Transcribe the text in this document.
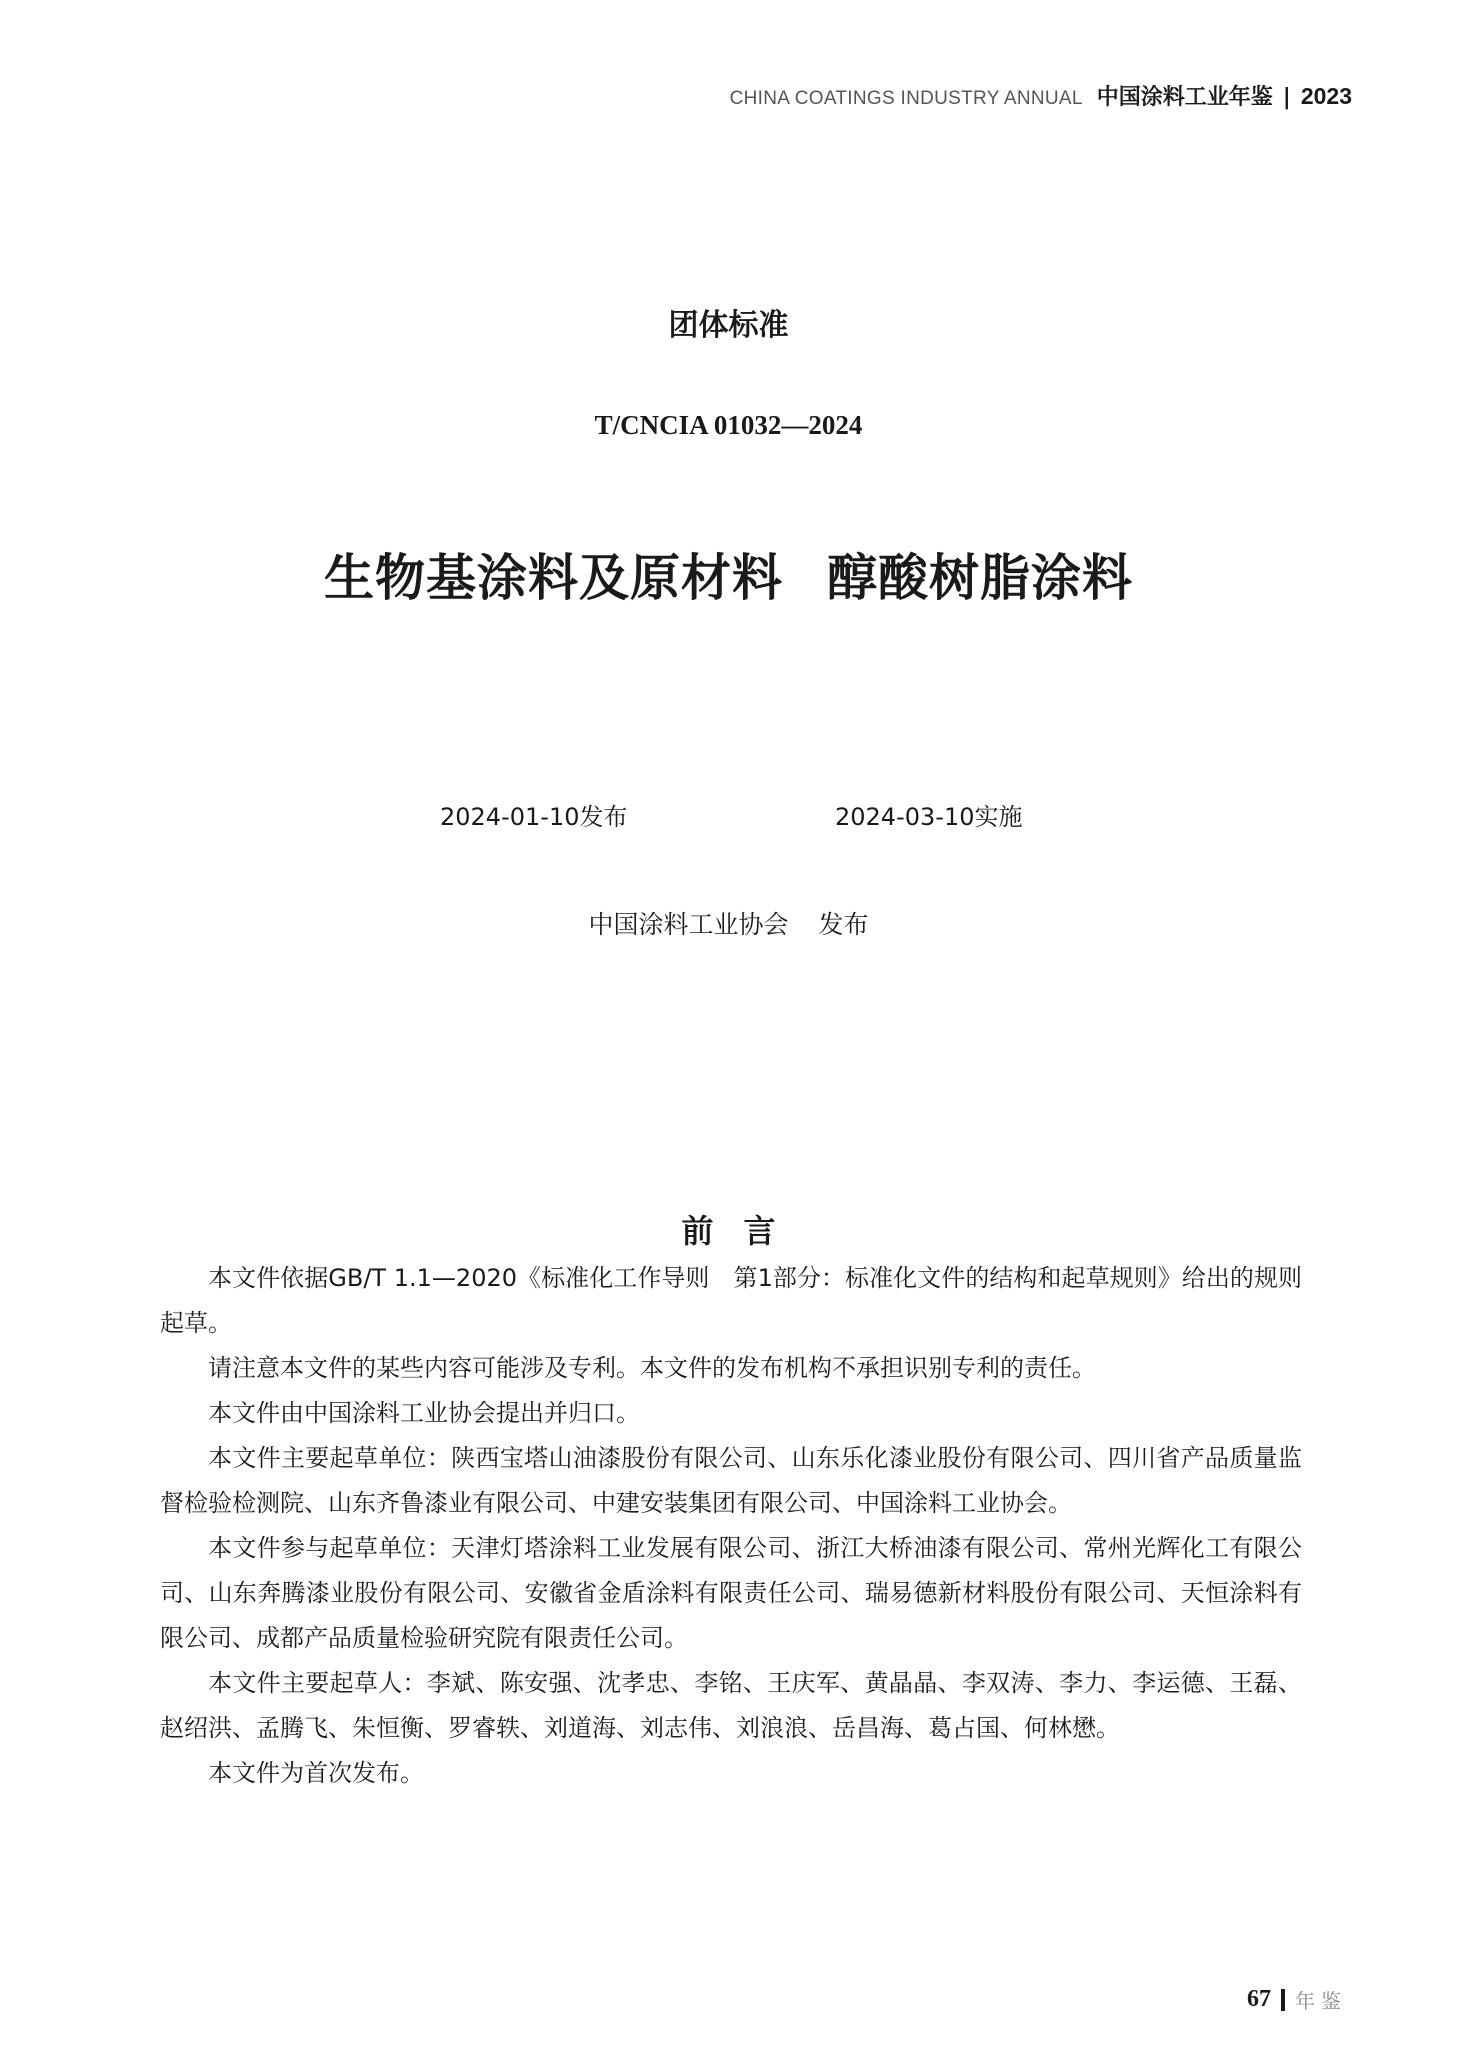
CHINA COATINGS INDUSTRY ANNUAL 中国涂料工业年鉴 | 2023
团体标准
T/CNCIA 01032—2024
生物基涂料及原材料 醇酸树脂涂料
2024-01-10发布	2024-03-10实施
中国涂料工业协会 发布
前言

本文件依据GB/T 1.1—2020《标准化工作导则　第1部分：标准化文件的结构和起草规则》给出的规则起草。

请注意本文件的某些内容可能涉及专利。本文件的发布机构不承担识别专利的责任。

本文件由中国涂料工业协会提出并归口。

本文件主要起草单位：陕西宝塔山油漆股份有限公司、山东乐化漆业股份有限公司、四川省产品质量监督检验检测院、山东齐鲁漆业有限公司、中建安装集团有限公司、中国涂料工业协会。

本文件参与起草单位：天津灯塔涂料工业发展有限公司、浙江大桥油漆有限公司、常州光辉化工有限公司、山东奔腾漆业股份有限公司、安徽省金盾涂料有限责任公司、瑞易德新材料股份有限公司、天恒涂料有限公司、成都产品质量检验研究院有限责任公司。

本文件主要起草人：李斌、陈安强、沈孝忠、李铭、王庆军、黄晶晶、李双涛、李力、李运德、王磊、赵绍洪、孟腾飞、朱恒衡、罗睿轶、刘道海、刘志伟、刘浪浪、岳昌海、葛占国、何林懋。

本文件为首次发布。

67 年鉴
